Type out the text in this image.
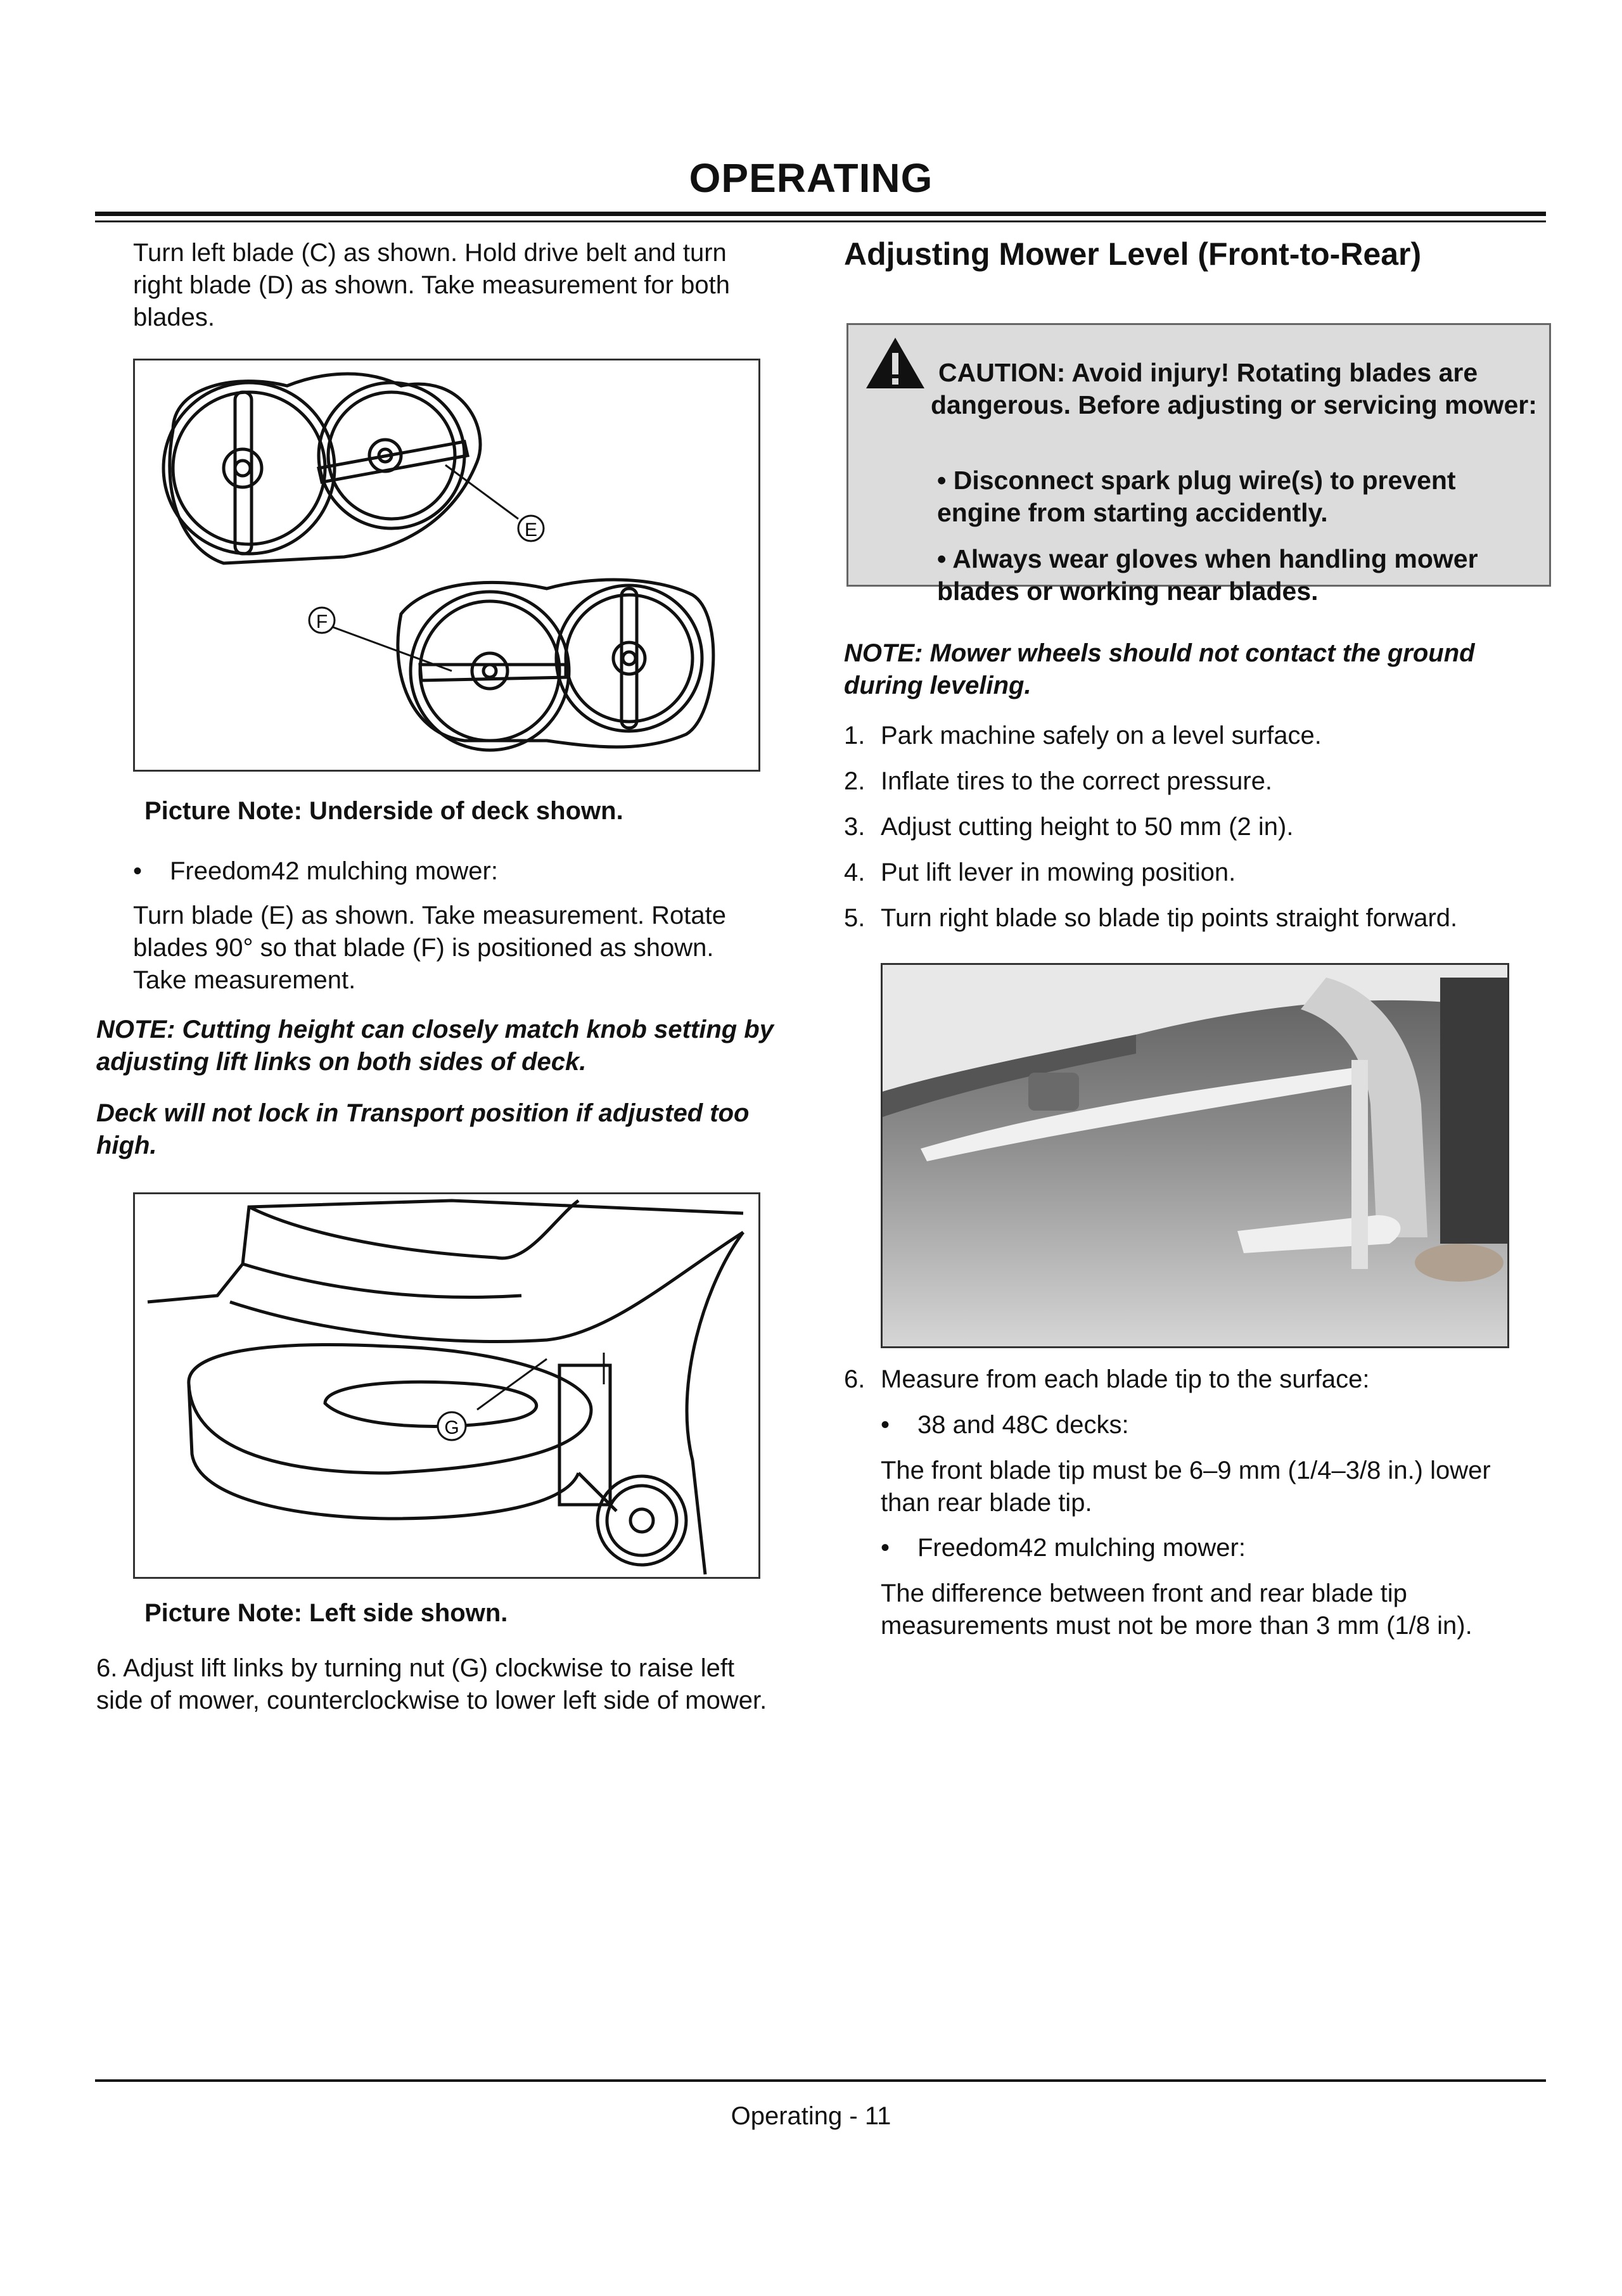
OPERATING
Turn left blade (C) as shown. Hold drive belt and turn right blade (D) as shown. Take measurement for both blades.
E
F
Picture Note: Underside of deck shown.
•	Freedom42 mulching mower:
Turn blade (E) as shown. Take measurement. Rotate blades 90° so that blade (F) is positioned as shown. Take measurement.
NOTE: Cutting height can closely match knob setting by adjusting lift links on both sides of deck.
Deck will not lock in Transport position if adjusted too high.
G
Picture Note: Left side shown.
6. Adjust lift links by turning nut (G) clockwise to raise left side of mower, counterclockwise to lower left side of mower.
Adjusting Mower Level (Front-to-Rear)
CAUTION: Avoid injury! Rotating blades are dangerous. Before adjusting or servicing mower:
• Disconnect spark plug wire(s) to prevent engine from starting accidently.
• Always wear gloves when handling mower blades or working near blades.
NOTE: Mower wheels should not contact the ground during leveling.
1. Park machine safely on a level surface.
2. Inflate tires to the correct pressure.
3. Adjust cutting height to 50 mm (2 in).
4. Put lift lever in mowing position.
5. Turn right blade so blade tip points straight forward.
6. Measure from each blade tip to the surface:
•	38 and 48C decks:
The front blade tip must be 6–9 mm (1/4–3/8 in.) lower than rear blade tip.
•	Freedom42 mulching mower:
The difference between front and rear blade tip measurements must not be more than 3 mm (1/8 in).
Operating - 11
